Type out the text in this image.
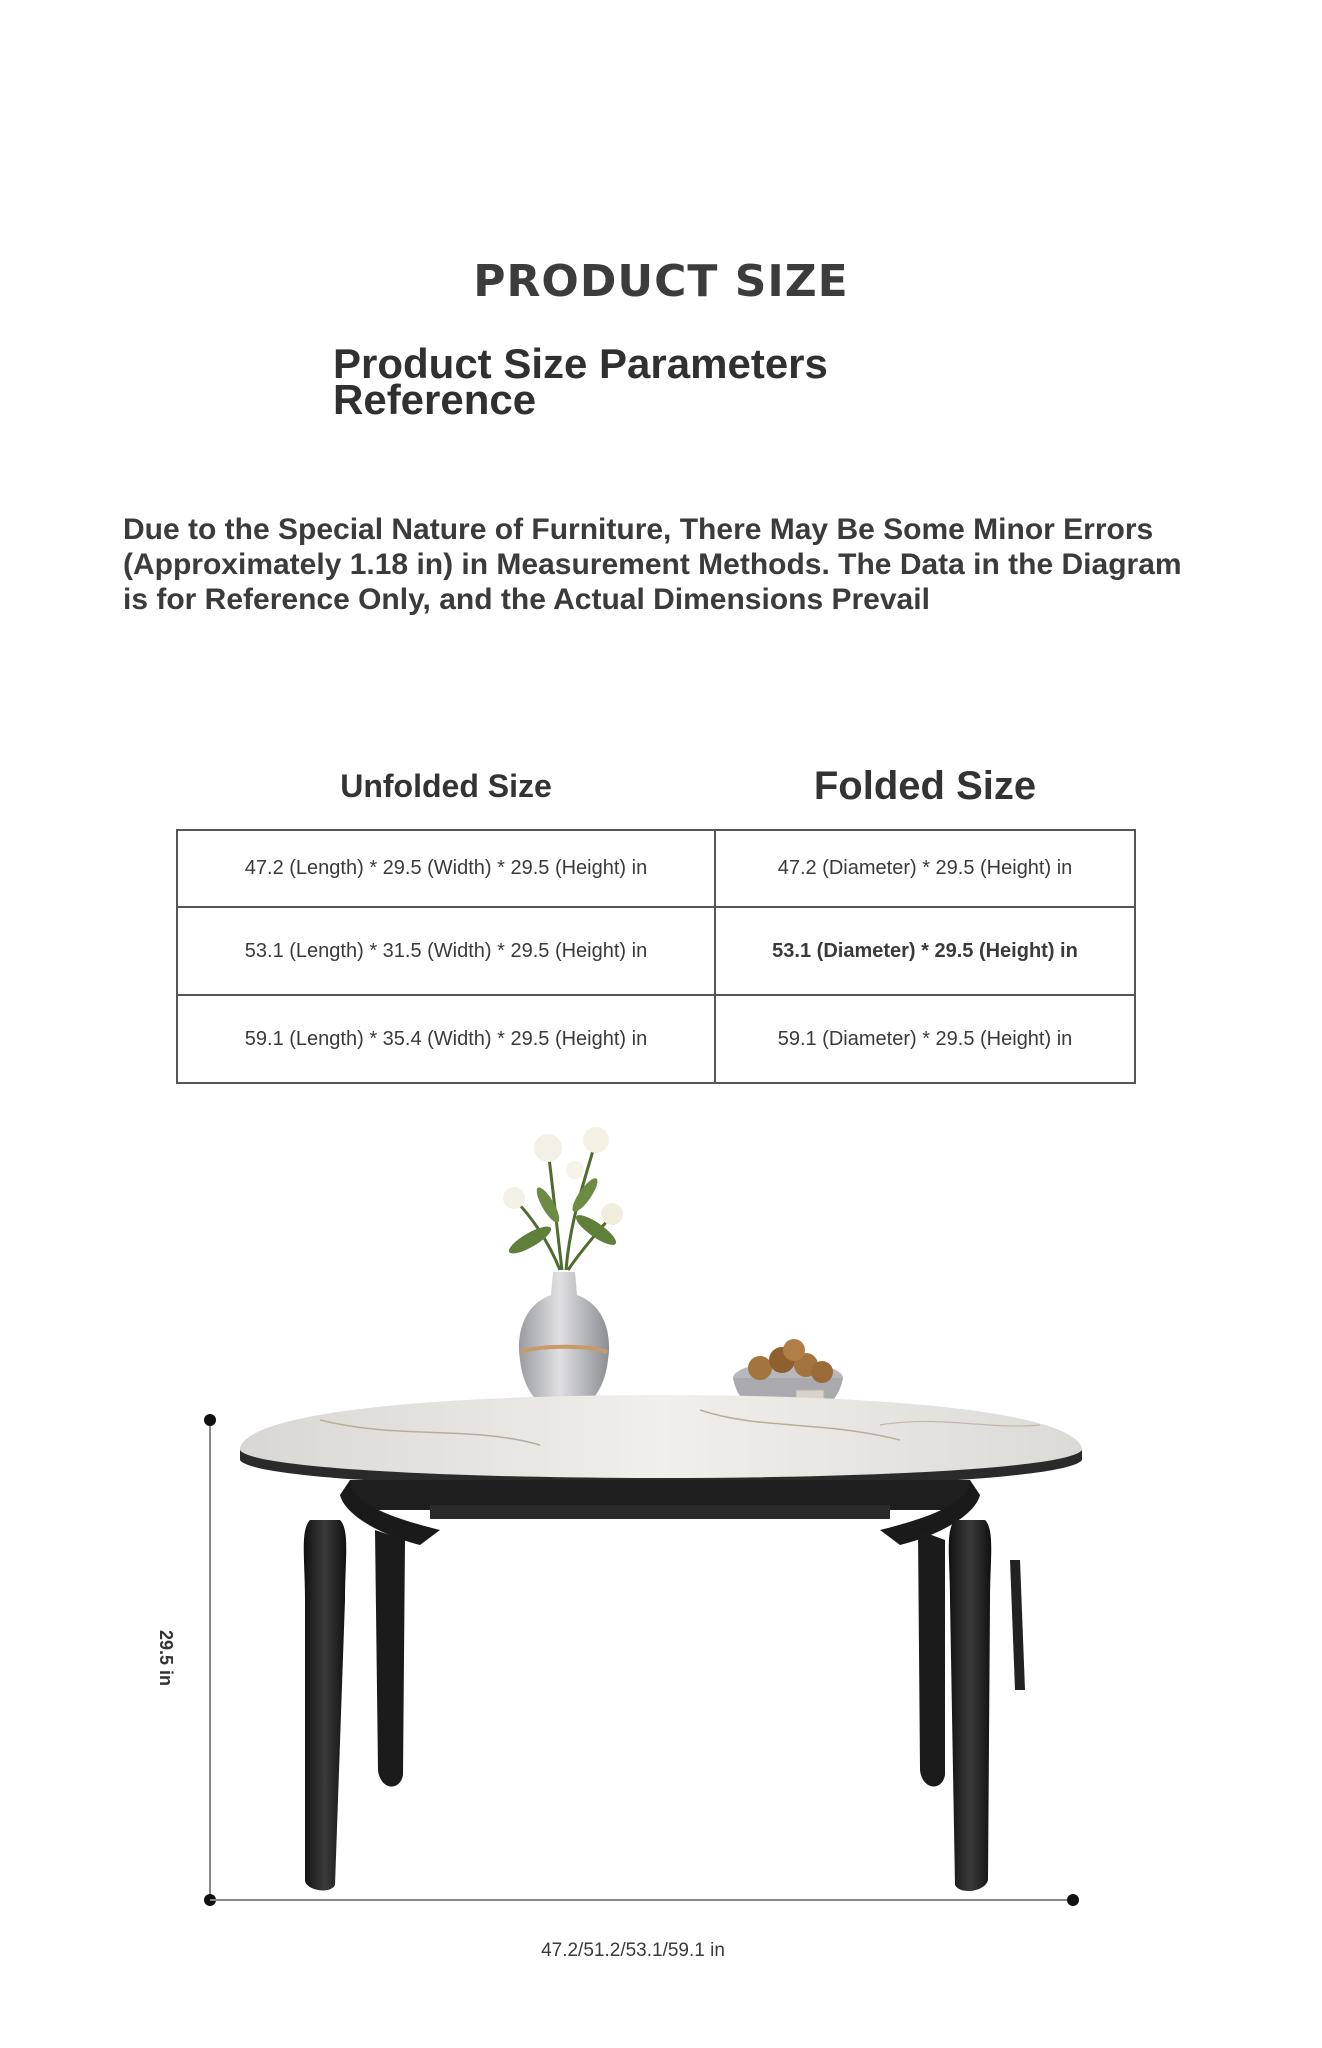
PRODUCT SIZE
Product Size Parameters Reference
Due to the Special Nature of Furniture, There May Be Some Minor Errors (Approximately 1.18 in) in Measurement Methods. The Data in the Diagram is for Reference Only, and the Actual Dimensions Prevail
Unfolded Size	Folded Size
47.2 (Length) * 29.5 (Width) * 29.5 (Height) in	47.2 (Diameter) * 29.5 (Height) in
53.1 (Length) * 31.5 (Width) * 29.5 (Height) in	53.1 (Diameter) * 29.5 (Height) in
59.1 (Length) * 35.4 (Width) * 29.5 (Height) in	59.1 (Diameter) * 29.5 (Height) in
29.5 in
47.2/51.2/53.1/59.1 in
